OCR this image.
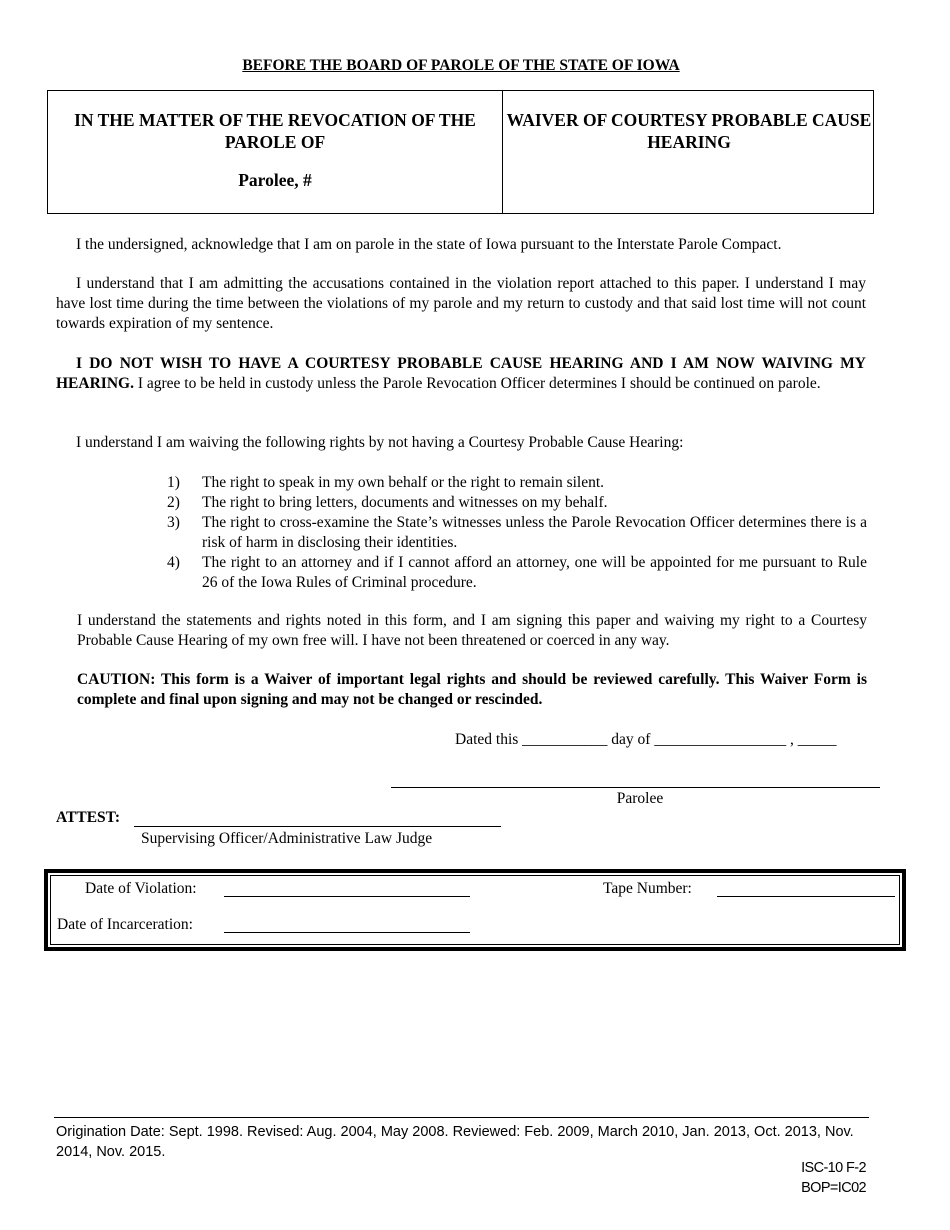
BEFORE THE BOARD OF PAROLE OF THE STATE OF IOWA
IN THE MATTER OF THE REVOCATION OF THE PAROLE OF
Parolee, #
WAIVER OF COURTESY PROBABLE CAUSE HEARING
I the undersigned, acknowledge that I am on parole in the state of Iowa pursuant to the Interstate Parole Compact.
I understand that I am admitting the accusations contained in the violation report attached to this paper. I understand I may have lost time during the time between the violations of my parole and my return to custody and that said lost time will not count towards expiration of my sentence.
I DO NOT WISH TO HAVE A COURTESY PROBABLE CAUSE HEARING AND I AM NOW WAIVING MY HEARING. I agree to be held in custody unless the Parole Revocation Officer determines I should be continued on parole.
I understand I am waiving the following rights by not having a Courtesy Probable Cause Hearing:
1)	The right to speak in my own behalf or the right to remain silent.
2)	The right to bring letters, documents and witnesses on my behalf.
3)	The right to cross-examine the State’s witnesses unless the Parole Revocation Officer determines there is a risk of harm in disclosing their identities.
4)	The right to an attorney and if I cannot afford an attorney, one will be appointed for me pursuant to Rule 26 of the Iowa Rules of Criminal procedure.
I understand the statements and rights noted in this form, and I am signing this paper and waiving my right to a Courtesy Probable Cause Hearing of my own free will. I have not been threatened or coerced in any way.
CAUTION: This form is a Waiver of important legal rights and should be reviewed carefully. This Waiver Form is complete and final upon signing and may not be changed or rescinded.
Dated this ___________ day of _________________ , _____
Parolee
ATTEST:
Supervising Officer/Administrative Law Judge
Date of Violation:	Tape Number:
Date of Incarceration:
Origination Date: Sept. 1998. Revised: Aug. 2004, May 2008. Reviewed: Feb. 2009, March 2010, Jan. 2013, Oct. 2013, Nov. 2014, Nov. 2015.
ISC-10 F-2
BOP=IC02
